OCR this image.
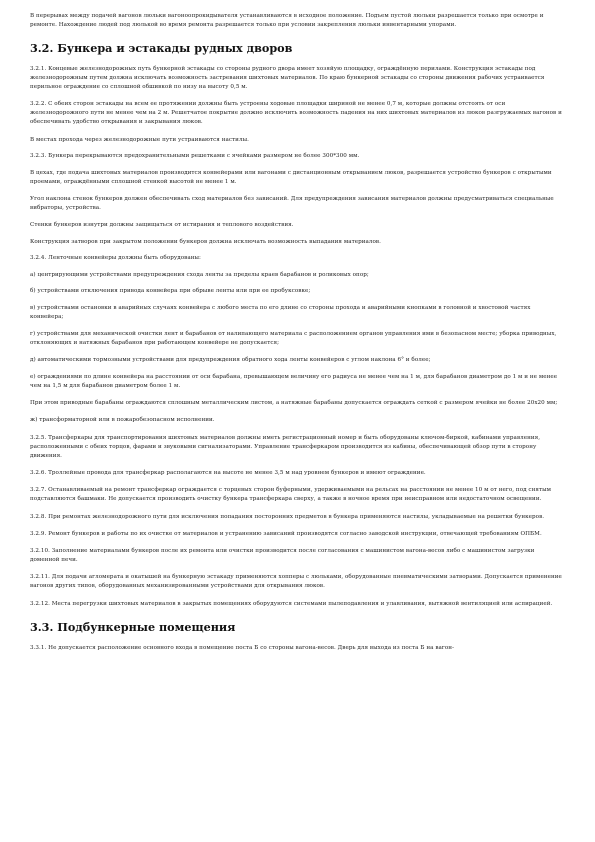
В перерывах между подачей вагонов люльки вагоноопрокидывателя устанавливаются в исходное положение. Подъем пустой люльки разрешается только при осмотре и ремонте. Нахождение людей под люлькой во время ремонта разрешается только при условии закрепления люльки инвентарными упорами.

3.2. Бункера и эстакады рудных дворов

3.2.1. Концевые железнодорожных путь бункерной эстакады со стороны рудного двора имеет хозяйую площадку, ограждённую перилами. Конструкция эстакады под железнодорожным путем должна исключать возможность застревания шихтовых материалов. По краю бункерной эстакады со стороны движения рабочих устраивается перильное ограждение со сплошной обшивкой по низу на высоту 0,5 м.

3.2.2. С обеих сторон эстакады на всем ее протяжении должны быть устроены ходовые площадки шириной не менее 0,7 м, которые должны отстоять от оси железнодорожного пути не менее чем на 2 м. Решетчатое покрытие должно исключить возможность падения на них шихтовых материалов из люков разгружаемых вагонов и обеспечивать удобство открывания и закрывания люков.

В местах прохода через железнодорожные пути устраиваются настилы.

3.2.3. Бункера перекрываются предохранительными решетками с ячейками размером не более 300*300 мм.

В цехах, где подача шихтовых материалов производится конвейерами или вагонами с дистанционным открыванием люков, разрешается устройство бункеров с открытыми проемами, ограждёнными сплошной стенкой высотой не менее 1 м.

Угол наклона стенок бункеров должен обеспечивать сход материалов без зависаний. Для предупреждения зависания материалов должны предусматриваться специальные вибраторы, устройства.

Стенки бункеров изнутри должны защищаться от истирания и теплового воздействия.

Конструкция затворов при закрытом положении бункеров должна исключать возможность выпадания материалов.

3.2.4. Ленточные конвейеры должны быть оборудованы:

а) центрирующими устройствами предупреждения схода ленты за пределы краев барабанов и роликовых опор;

б) устройствами отключения привода конвейера при обрыве ленты или при ее пробуксовке;

в) устройствами остановки в аварийных случаях конвейера с любого места по его длине со стороны прохода и аварийными кнопками в головной и хвостовой частях конвейера;

г) устройствами для механической очистки лент и барабанов от налипающего материала с расположением органов управления ими в безопасном месте; уборка приводных, отклоняющих и натяжных барабанов при работающем конвейере не допускается;

д) автоматическими тормозными устройствами для предупреждения обратного хода ленты конвейеров с углом наклона 6° и более;

е) ограждениями по длине конвейера на расстоянии от оси барабана, превышающем величину его радиуса не менее чем на 1 м, для барабанов диаметром до 1 м и не менее чем на 1,5 м для барабанов диаметром более 1 м.

При этом приводные барабаны ограждаются сплошным металлическим листом, а натяжные барабаны допускается ограждать сеткой с размером ячейки не более 20х20 мм;

ж) трансформаторной или в пожаробезопасном исполнении.

3.2.5. Трансферкары для транспортирования шихтовых материалов должны иметь регистрационный номер и быть оборудованы ключом-биркой, кабинами управления, расположенными с обеих торцов, фарами и звуковыми сигнализаторами. Управление трансферкаром производится из кабины, обеспечивающей обзор пути в сторону движения.

3.2.6. Троллейные провода для трансферкар располагаются на высоте не менее 3,5 м над уровнем бункеров и имеют ограждение.

3.2.7. Останавливаемый на ремонт трансферкар ограждается с торцевых сторон буферными, удерживаемыми на рельсах на расстоянии не менее 10 м от него, под снятым подставляются башмаки. Не допускается производить очистку бункера трансферкара сверху, а также в ночное время при неисправном или недостаточном освещении.

3.2.8. При ремонтах железнодорожного пути для исключения попадания посторонних предметов в бункера применяются настилы, укладываемые на решетки бункеров.

3.2.9. Ремонт бункеров и работы по их очистке от материалов и устранению зависаний производятся согласно заводской инструкции, отвечающей требованиям ОПБМ.

3.2.10. Заполнение материалами бункеров после их ремонта или очистки производится после согласования с машинистом вагона-весов либо с машинистом загрузки доменной печи.

3.2.11. Для подачи агломерата и окатышей на бункерную эстакаду применяются хопперы с люльками, оборудованные пневматическими затворами. Допускается применение вагонов других типов, оборудованных механизированными устройствами для открывания люков.

3.2.12. Места перегрузки шихтовых материалов в закрытых помещениях оборудуются системами пылеподавления и улавливания, вытяжной вентиляцией или аспирацией.

3.3. Подбункерные помещения

3.3.1. Не допускается расположение основного входа в помещение поста Б со стороны вагона-весов. Дверь для выхода из поста Б на вагон-
